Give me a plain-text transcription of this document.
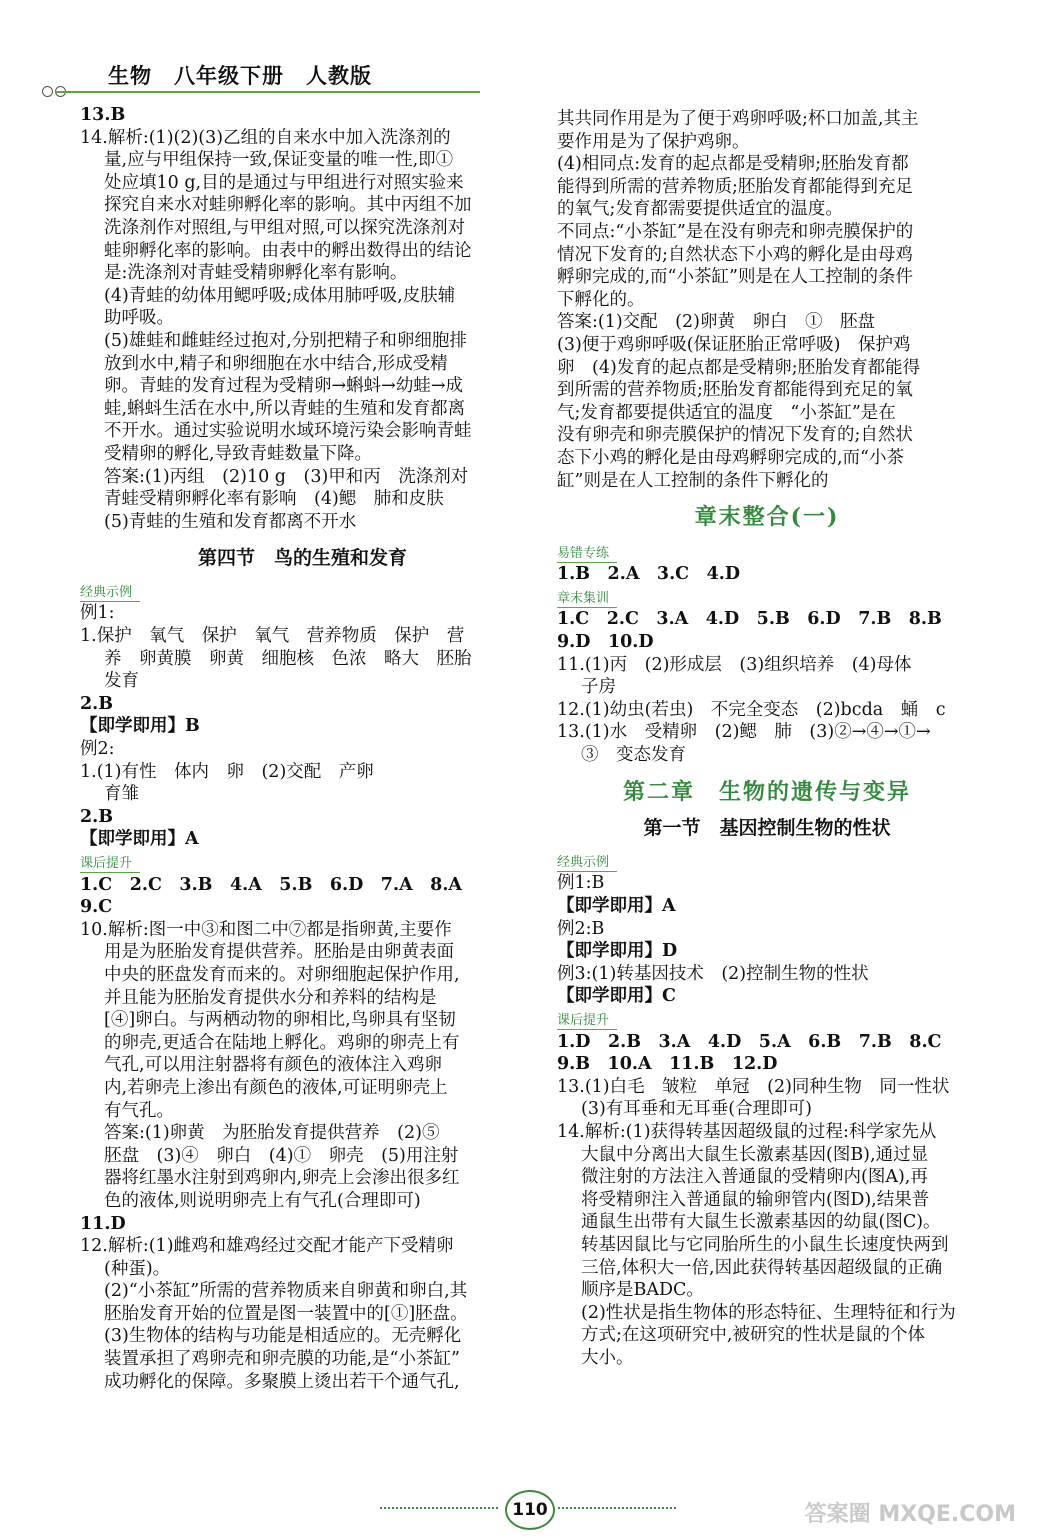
生物　八年级下册　人教版

13.B

14.解析:(1)(2)(3)乙组的自来水中加入洗涤剂的

量,应与甲组保持一致,保证变量的唯一性,即①

处应填10 g,目的是通过与甲组进行对照实验来

探究自来水对蛙卵孵化率的影响。其中丙组不加

洗涤剂作对照组,与甲组对照,可以探究洗涤剂对

蛙卵孵化率的影响。由表中的孵出数得出的结论

是:洗涤剂对青蛙受精卵孵化率有影响。

(4)青蛙的幼体用鳃呼吸;成体用肺呼吸,皮肤辅

助呼吸。

(5)雄蛙和雌蛙经过抱对,分别把精子和卵细胞排

放到水中,精子和卵细胞在水中结合,形成受精

卵。青蛙的发育过程为受精卵→蝌蚪→幼蛙→成

蛙,蝌蚪生活在水中,所以青蛙的生殖和发育都离

不开水。通过实验说明水域环境污染会影响青蛙

受精卵的孵化,导致青蛙数量下降。

答案:(1)丙组　(2)10 g　(3)甲和丙　洗涤剂对

青蛙受精卵孵化率有影响　(4)鳃　肺和皮肤

(5)青蛙的生殖和发育都离不开水

第四节　鸟的生殖和发育

经典示例

例1:

1.保护　氧气　保护　氧气　营养物质　保护　营

养　卵黄膜　卵黄　细胞核　色浓　略大　胚胎

发育

2.B

【即学即用】B

例2:

1.(1)有性　体内　卵　(2)交配　产卵

育雏

2.B

【即学即用】A

课后提升

1.C　2.C　3.B　4.A　5.B　6.D　7.A　8.A

9.C

10.解析:图一中③和图二中⑦都是指卵黄,主要作

用是为胚胎发育提供营养。胚胎是由卵黄表面

中央的胚盘发育而来的。对卵细胞起保护作用,

并且能为胚胎发育提供水分和养料的结构是

[④]卵白。与两栖动物的卵相比,鸟卵具有坚韧

的卵壳,更适合在陆地上孵化。鸡卵的卵壳上有

气孔,可以用注射器将有颜色的液体注入鸡卵

内,若卵壳上渗出有颜色的液体,可证明卵壳上

有气孔。

答案:(1)卵黄　为胚胎发育提供营养　(2)⑤

胚盘　(3)④　卵白　(4)①　卵壳　(5)用注射

器将红墨水注射到鸡卵内,卵壳上会渗出很多红

色的液体,则说明卵壳上有气孔(合理即可)

11.D

12.解析:(1)雌鸡和雄鸡经过交配才能产下受精卵

(种蛋)。

(2)“小茶缸”所需的营养物质来自卵黄和卵白,其

胚胎发育开始的位置是图一装置中的[①]胚盘。

(3)生物体的结构与功能是相适应的。无壳孵化

装置承担了鸡卵壳和卵壳膜的功能,是“小茶缸”

成功孵化的保障。多聚膜上烫出若干个通气孔,

其共同作用是为了便于鸡卵呼吸;杯口加盖,其主

要作用是为了保护鸡卵。

(4)相同点:发育的起点都是受精卵;胚胎发育都

能得到所需的营养物质;胚胎发育都能得到充足

的氧气;发育都需要提供适宜的温度。

不同点:“小茶缸”是在没有卵壳和卵壳膜保护的

情况下发育的;自然状态下小鸡的孵化是由母鸡

孵卵完成的,而“小茶缸”则是在人工控制的条件

下孵化的。

答案:(1)交配　(2)卵黄　卵白　①　胚盘

(3)便于鸡卵呼吸(保证胚胎正常呼吸)　保护鸡

卵　(4)发育的起点都是受精卵;胚胎发育都能得

到所需的营养物质;胚胎发育都能得到充足的氧

气;发育都要提供适宜的温度　“小茶缸”是在

没有卵壳和卵壳膜保护的情况下发育的;自然状

态下小鸡的孵化是由母鸡孵卵完成的,而“小茶

缸”则是在人工控制的条件下孵化的

章末整合(一)

易错专练

1.B　2.A　3.C　4.D

章末集训

1.C　2.C　3.A　4.D　5.B　6.D　7.B　8.B

9.D　10.D

11.(1)丙　(2)形成层　(3)组织培养　(4)母体

子房

12.(1)幼虫(若虫)　不完全变态　(2)bcda　蛹　c

13.(1)水　受精卵　(2)鳃　肺　(3)②→④→①→

③　变态发育

第二章　生物的遗传与变异

第一节　基因控制生物的性状

经典示例

例1:B

【即学即用】A

例2:B

【即学即用】D

例3:(1)转基因技术　(2)控制生物的性状

【即学即用】C

课后提升

1.D　2.B　3.A　4.D　5.A　6.B　7.B　8.C

9.B　10.A　11.B　12.D

13.(1)白毛　皱粒　单冠　(2)同种生物　同一性状

(3)有耳垂和无耳垂(合理即可)

14.解析:(1)获得转基因超级鼠的过程:科学家先从

大鼠中分离出大鼠生长激素基因(图B),通过显

微注射的方法注入普通鼠的受精卵内(图A),再

将受精卵注入普通鼠的输卵管内(图D),结果普

通鼠生出带有大鼠生长激素基因的幼鼠(图C)。

转基因鼠比与它同胎所生的小鼠生长速度快两到

三倍,体积大一倍,因此获得转基因超级鼠的正确

顺序是BADC。

(2)性状是指生物体的形态特征、生理特征和行为

方式;在这项研究中,被研究的性状是鼠的个体

大小。

110	答案圈 MXQE.COM
